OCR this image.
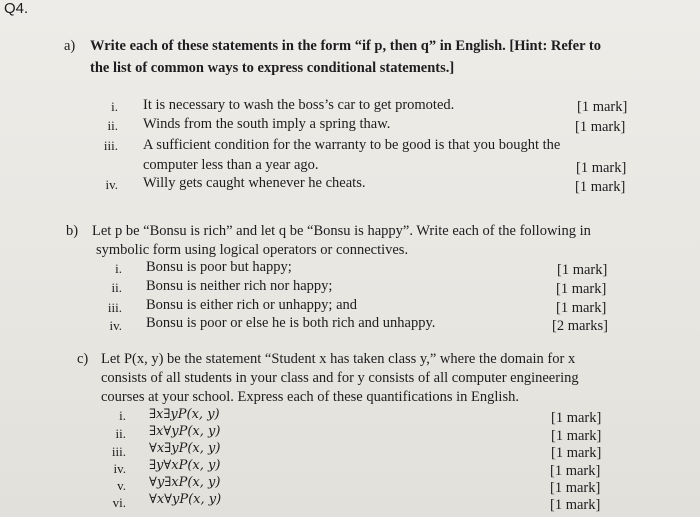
Q4.
a) Write each of these statements in the form “if p, then q” in English. [Hint: Refer to
the list of common ways to express conditional statements.]
i. It is necessary to wash the boss’s car to get promoted.	[1 mark]
ii. Winds from the south imply a spring thaw.	[1 mark]
iii. A sufficient condition for the warranty to be good is that you bought the
computer less than a year ago.	[1 mark]
iv. Willy gets caught whenever he cheats.	[1 mark]
b) Let p be “Bonsu is rich” and let q be “Bonsu is happy”. Write each of the following in
symbolic form using logical operators or connectives.
i. Bonsu is poor but happy;	[1 mark]
ii. Bonsu is neither rich nor happy;	[1 mark]
iii. Bonsu is either rich or unhappy; and	[1 mark]
iv. Bonsu is poor or else he is both rich and unhappy.	[2 marks]
c) Let P(x, y) be the statement “Student x has taken class y,” where the domain for x
consists of all students in your class and for y consists of all computer engineering
courses at your school. Express each of these quantifications in English.
i. ∃x∃yP(x, y)	[1 mark]
ii. ∃x∀yP(x, y)	[1 mark]
iii. ∀x∃yP(x, y)	[1 mark]
iv. ∃y∀xP(x, y)	[1 mark]
v. ∀y∃xP(x, y)	[1 mark]
vi. ∀x∀yP(x, y)	[1 mark]
